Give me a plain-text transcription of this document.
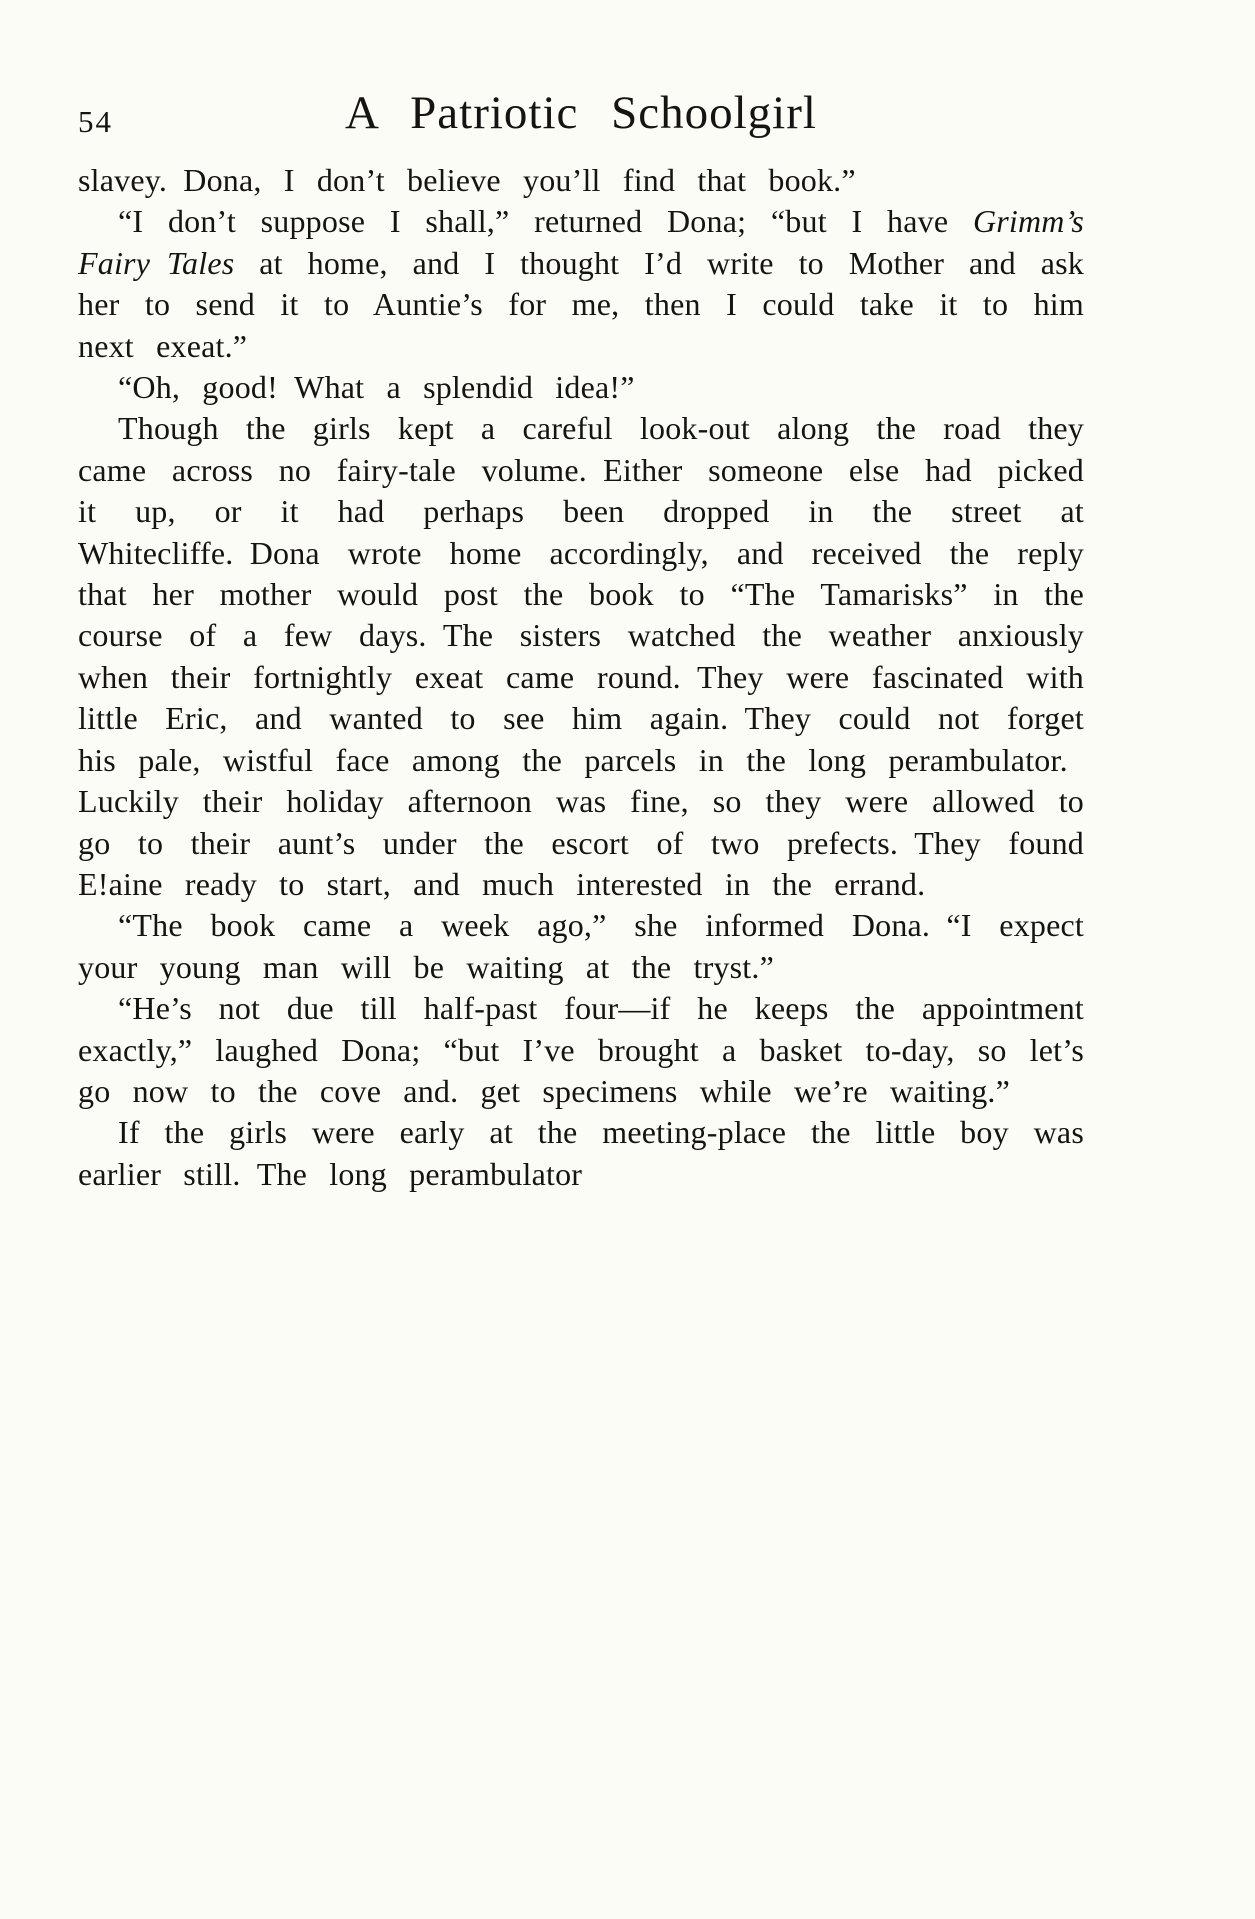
54	A Patriotic Schoolgirl

slavey. Dona, I don’t believe you’ll find that book.”

“I don’t suppose I shall,” returned Dona; “but I have Grimm’s Fairy Tales at home, and I thought I’d write to Mother and ask her to send it to Auntie’s for me, then I could take it to him next exeat.”

“Oh, good! What a splendid idea!”

Though the girls kept a careful look-out along the road they came across no fairy-tale volume. Either someone else had picked it up, or it had perhaps been dropped in the street at Whitecliffe. Dona wrote home accordingly, and received the reply that her mother would post the book to “The Tamarisks” in the course of a few days. The sisters watched the weather anxiously when their fortnightly exeat came round. They were fascinated with little Eric, and wanted to see him again. They could not forget his pale, wistful face among the parcels in the long perambulator. Luckily their holiday afternoon was fine, so they were allowed to go to their aunt’s under the escort of two prefects. They found E!aine ready to start, and much interested in the errand.

“The book came a week ago,” she informed Dona. “I expect your young man will be waiting at the tryst.”

“He’s not due till half-past four—if he keeps the appointment exactly,” laughed Dona; “but I’ve brought a basket to-day, so let’s go now to the cove and. get specimens while we’re waiting.”

If the girls were early at the meeting-place the little boy was earlier still. The long perambulator
